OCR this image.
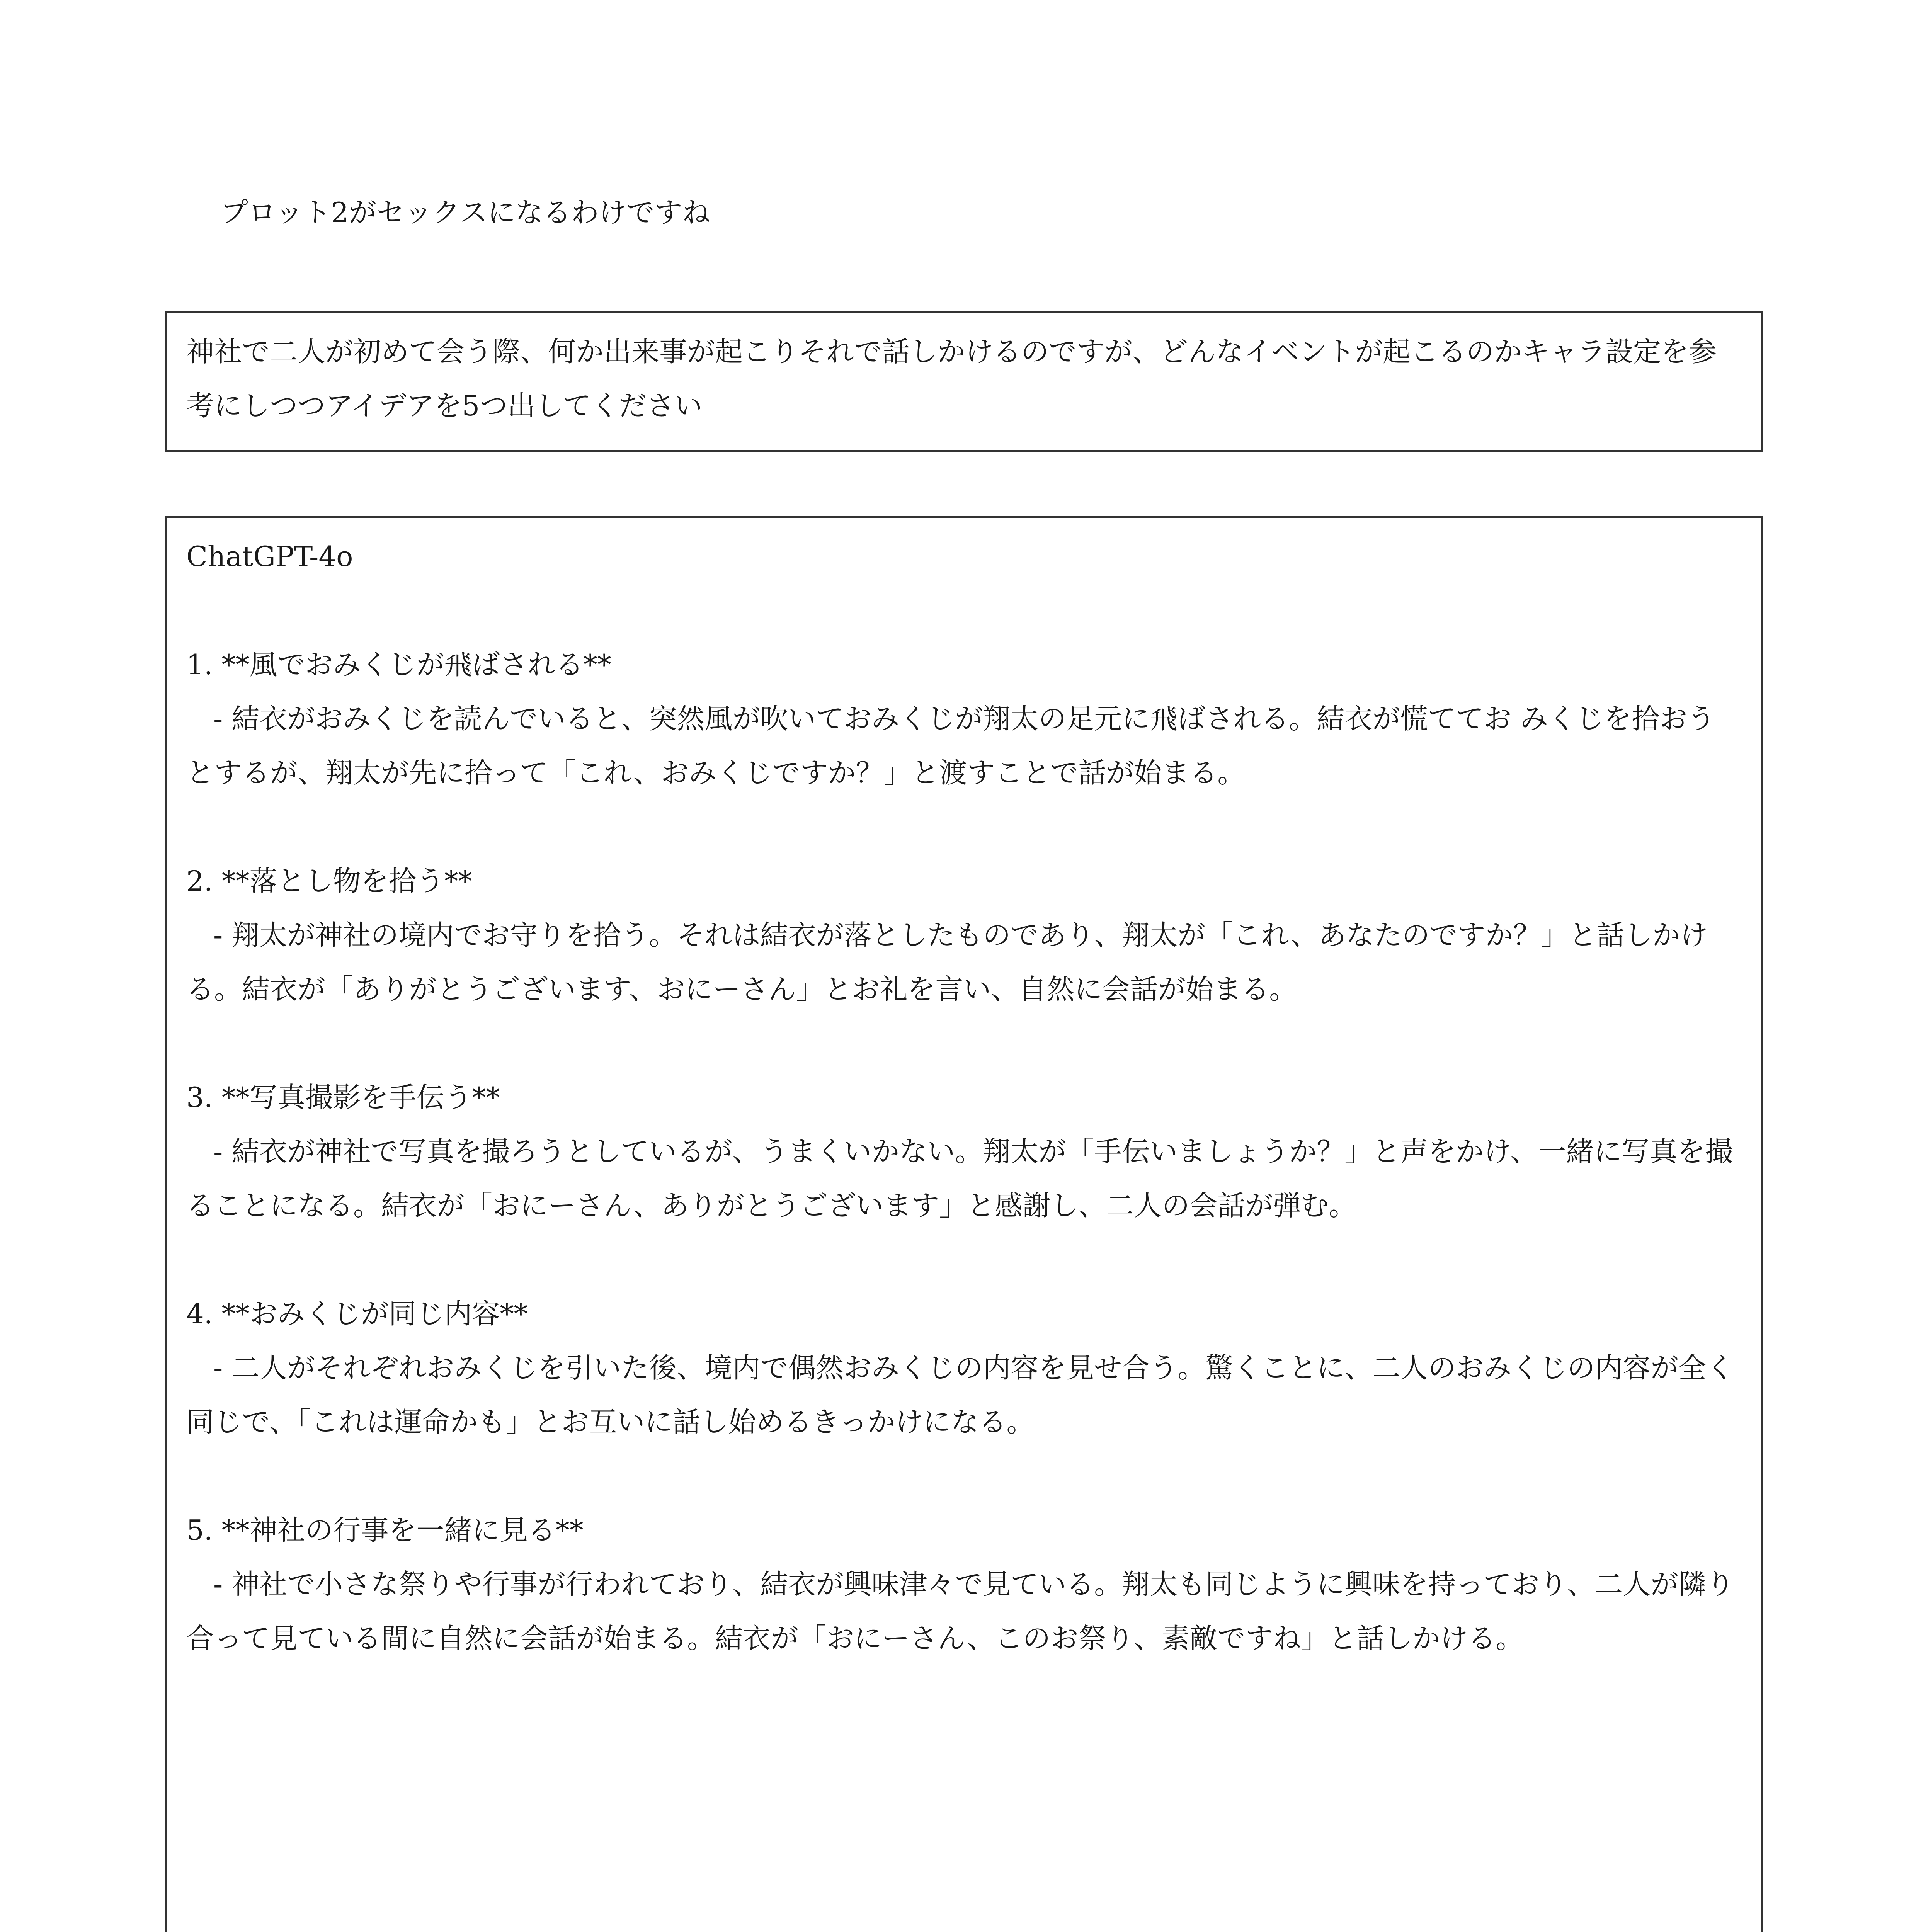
プロット2がセックスになるわけですね

神社で二人が初めて会う際、何か出来事が起こりそれで話しかけるのですが、どんなイベントが起こるのかキャラ設定を参考にしつつアイデアを5つ出してください
ChatGPT-4o
1. **風でおみくじが飛ばされる**
- 結衣がおみくじを読んでいると、突然風が吹いておみくじが翔太の足元に飛ばされる。結衣が慌ててお みくじを拾おうとするが、翔太が先に拾って「これ、おみくじですか？」と渡すことで話が始まる。
2. **落とし物を拾う**
- 翔太が神社の境内でお守りを拾う。それは結衣が落としたものであり、翔太が「これ、あなたのですか？」と話しかける。結衣が「ありがとうございます、おにーさん」とお礼を言い、自然に会話が始まる。
3. **写真撮影を手伝う**
- 結衣が神社で写真を撮ろうとしているが、うまくいかない。翔太が「手伝いましょうか？」と声をかけ、一緒に写真を撮ることになる。結衣が「おにーさん、ありがとうございます」と感謝し、二人の会話が弾む。
4. **おみくじが同じ内容**
- 二人がそれぞれおみくじを引いた後、境内で偶然おみくじの内容を見せ合う。驚くことに、二人のおみくじの内容が全く同じで、「これは運命かも」とお互いに話し始めるきっかけになる。
5. **神社の行事を一緒に見る**
- 神社で小さな祭りや行事が行われており、結衣が興味津々で見ている。翔太も同じように興味を持っており、二人が隣り合って見ている間に自然に会話が始まる。結衣が「おにーさん、このお祭り、素敵ですね」と話しかける。
